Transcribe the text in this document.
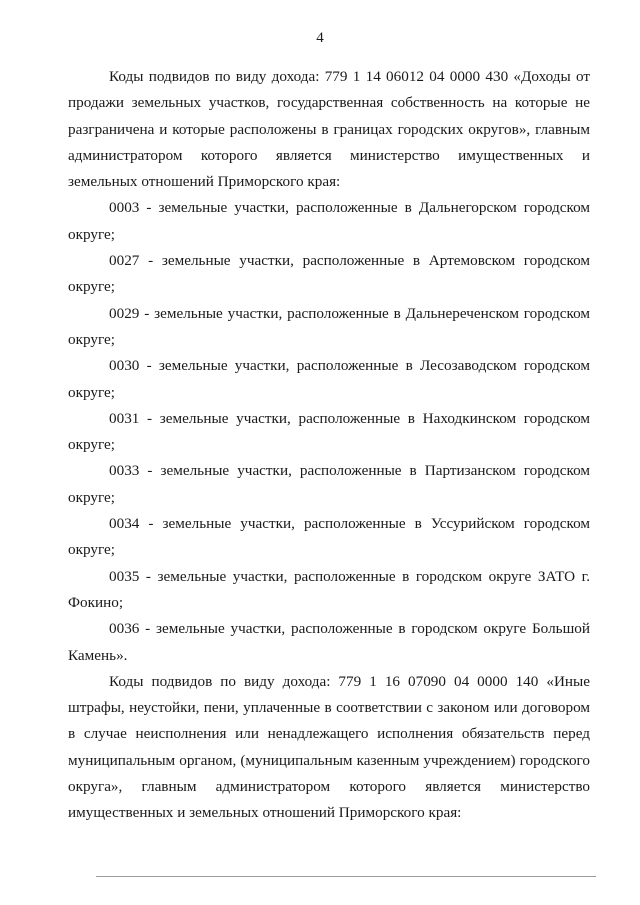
4

Коды подвидов по виду дохода: 779 1 14 06012 04 0000 430 «Доходы от продажи земельных участков, государственная собственность на которые не разграничена и которые расположены в границах городских округов», главным администратором которого является министерство имущественных и земельных отношений Приморского края:

0003 - земельные участки, расположенные в Дальнегорском городском округе;

0027 - земельные участки, расположенные в Артемовском городском округе;

0029 - земельные участки, расположенные в Дальнереченском городском округе;

0030 - земельные участки, расположенные в Лесозаводском городском округе;

0031 - земельные участки, расположенные в Находкинском городском округе;

0033 - земельные участки, расположенные в Партизанском городском округе;

0034 - земельные участки, расположенные в Уссурийском городском округе;

0035 - земельные участки, расположенные в городском округе ЗАТО г. Фокино;

0036 - земельные участки, расположенные в городском округе Большой Камень».

Коды подвидов по виду дохода: 779 1 16 07090 04 0000 140 «Иные штрафы, неустойки, пени, уплаченные в соответствии с законом или договором в случае неисполнения или ненадлежащего исполнения обязательств перед муниципальным органом, (муниципальным казенным учреждением) городского округа», главным администратором которого является министерство имущественных и земельных отношений Приморского края:
